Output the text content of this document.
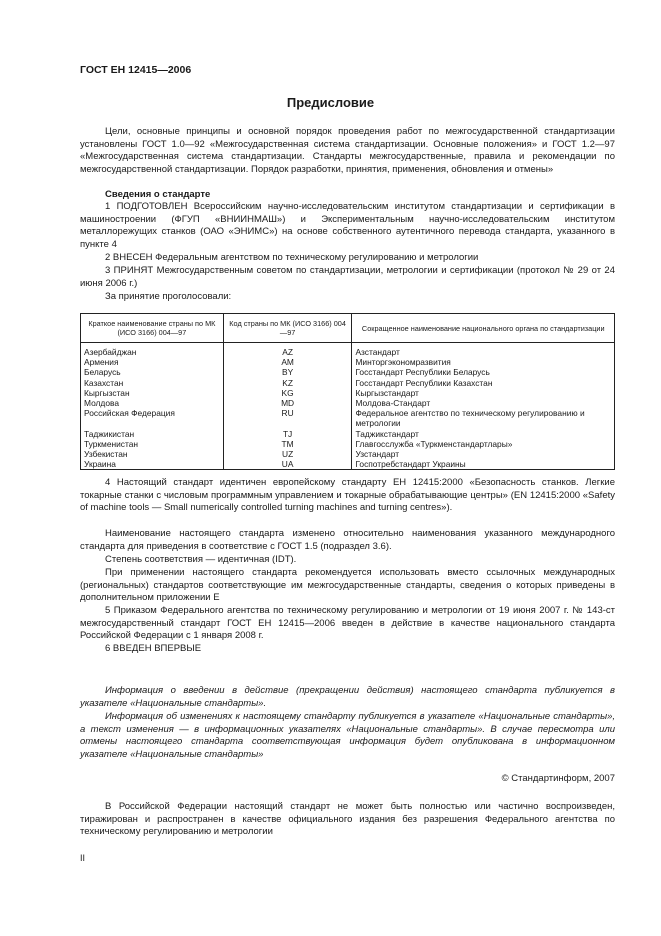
ГОСТ ЕН 12415—2006
Предисловие

Цели, основные принципы и основной порядок проведения работ по межгосударственной стандартизации установлены ГОСТ 1.0—92 «Межгосударственная система стандартизации. Основные положения» и ГОСТ 1.2—97 «Межгосударственная система стандартизации. Стандарты межгосударственные, правила и рекомендации по межгосударственной стандартизации. Порядок разработки, принятия, применения, обновления и отмены»

Сведения о стандарте

1 ПОДГОТОВЛЕН Всероссийским научно-исследовательским институтом стандартизации и сертификации в машиностроении (ФГУП «ВНИИНМАШ») и Экспериментальным научно-исследовательским институтом металлорежущих станков (ОАО «ЭНИМС») на основе собственного аутентичного перевода стандарта, указанного в пункте 4

2 ВНЕСЕН Федеральным агентством по техническому регулированию и метрологии

3 ПРИНЯТ Межгосударственным советом по стандартизации, метрологии и сертификации (протокол № 29 от 24 июня 2006 г.)

За принятие проголосовали:

Краткое наименование страны по МК (ИСО 3166) 004—97	Код страны по МК (ИСО 3166) 004—97	Сокращенное наименование национального органа по стандартизации
Азербайджан	AZ	Азстандарт
Армения	AM	Минторгэкономразвития
Беларусь	BY	Госстандарт Республики Беларусь
Казахстан	KZ	Госстандарт Республики Казахстан
Кыргызстан	KG	Кыргызстандарт
Молдова	MD	Молдова-Стандарт
Российская Федерация	RU	Федеральное агентство по техническому регулированию и метрологии
Таджикистан	TJ	Таджикстандарт
Туркменистан	TM	Главгосслужба «Туркменстандартлары»
Узбекистан	UZ	Узстандарт
Украина	UA	Госпотребстандарт Украины

4 Настоящий стандарт идентичен европейскому стандарту ЕН 12415:2000 «Безопасность станков. Легкие токарные станки с числовым программным управлением и токарные обрабатывающие центры» (EN 12415:2000 «Safety of machine tools — Small numerically controlled turning machines and turning centres»).

Наименование настоящего стандарта изменено относительно наименования указанного международного стандарта для приведения в соответствие с ГОСТ 1.5 (подраздел 3.6).

Степень соответствия — идентичная (IDT).

При применении настоящего стандарта рекомендуется использовать вместо ссылочных международных (региональных) стандартов соответствующие им межгосударственные стандарты, сведения о которых приведены в дополнительном приложении Е

5 Приказом Федерального агентства по техническому регулированию и метрологии от 19 июня 2007 г. № 143-ст межгосударственный стандарт ГОСТ ЕН 12415—2006 введен в действие в качестве национального стандарта Российской Федерации с 1 января 2008 г.

6 ВВЕДЕН ВПЕРВЫЕ

Информация о введении в действие (прекращении действия) настоящего стандарта публикуется в указателе «Национальные стандарты».

Информация об изменениях к настоящему стандарту публикуется в указателе «Национальные стандарты», а текст изменения — в информационных указателях «Национальные стандарты». В случае пересмотра или отмены настоящего стандарта соответствующая информация будет опубликована в информационном указателе «Национальные стандарты»

© Стандартинформ, 2007

В Российской Федерации настоящий стандарт не может быть полностью или частично воспроизведен, тиражирован и распространен в качестве официального издания без разрешения Федерального агентства по техническому регулированию и метрологии

II
